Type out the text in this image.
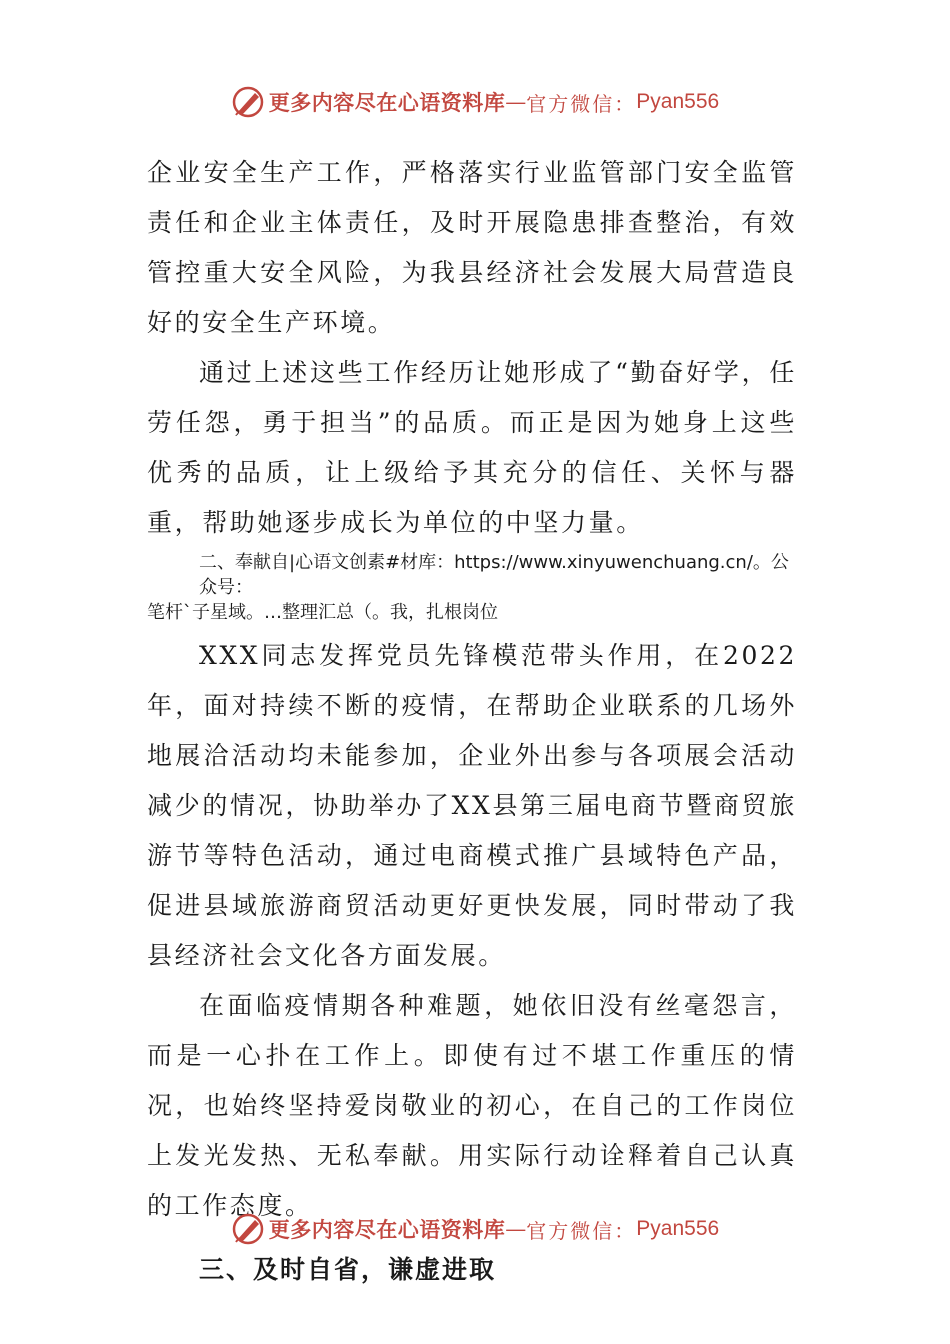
更多内容尽在心语资料库 — 官方微信： Pyan556

企业安全生产工作，严格落实行业监管部门安全监管责任和企业主体责任，及时开展隐患排查整治，有效管控重大安全风险，为我县经济社会发展大局营造良好的安全生产环境。

通过上述这些工作经历让她形成了“勤奋好学，任劳任怨，勇于担当”的品质。而正是因为她身上这些优秀的品质，让上级给予其充分的信任、关怀与器重，帮助她逐步成长为单位的中坚力量。

二、奉献自|心语文创素#材库：https://www.xinyuwenchuang.cn/。公众号：
笔杆`子星域。…整理汇总（。我，扎根岗位

XXX同志发挥党员先锋模范带头作用，在2022年，面对持续不断的疫情，在帮助企业联系的几场外地展洽活动均未能参加，企业外出参与各项展会活动减少的情况，协助举办了XX县第三届电商节暨商贸旅游节等特色活动，通过电商模式推广县域特色产品，促进县域旅游商贸活动更好更快发展，同时带动了我县经济社会文化各方面发展。

在面临疫情期各种难题，她依旧没有丝毫怨言，而是一心扑在工作上。即使有过不堪工作重压的情况，也始终坚持爱岗敬业的初心，在自己的工作岗位上发光发热、无私奉献。用实际行动诠释着自己认真的工作态度。

三、及时自省，谦虚进取

更多内容尽在心语资料库 — 官方微信： Pyan556
